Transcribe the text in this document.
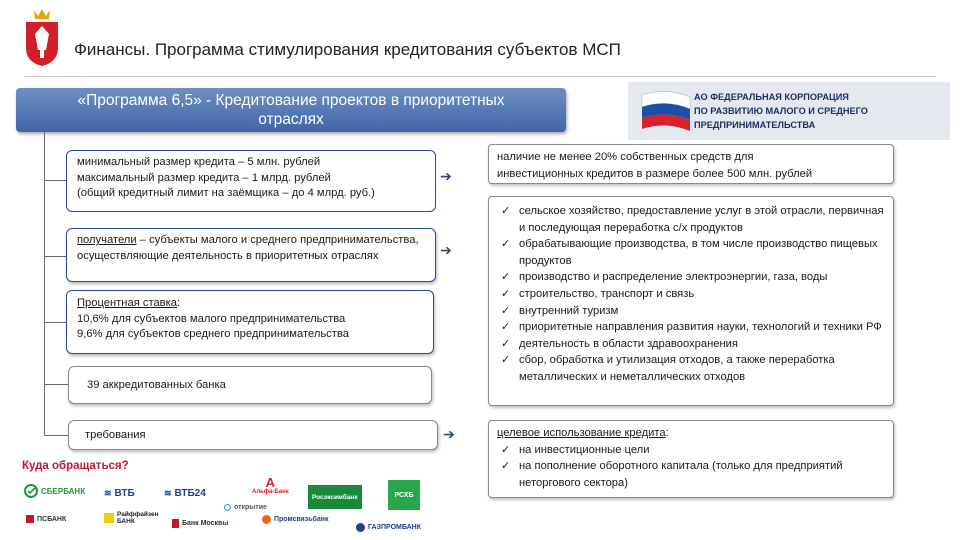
Финансы. Программа стимулирования кредитования субъектов МСП
«Программа 6,5» - Кредитование проектов в приоритетных
отраслях
АО ФЕДЕРАЛЬНАЯ КОРПОРАЦИЯ
ПО РАЗВИТИЮ МАЛОГО И СРЕДНЕГО
ПРЕДПРИНИМАТЕЛЬСТВА
минимальный размер кредита – 5 млн. рублей
максимальный размер кредита – 1 млрд. рублей
(общий кредитный лимит на заёмщика – до 4 млрд. руб.)
получатели – субъекты малого и среднего предпринимательства, осуществляющие деятельность в приоритетных отраслях
Процентная ставка:
10,6% для субъектов малого предпринимательства
9,6% для субъектов среднего предпринимательства
39 аккредитованных банка
требования
➔
➔
➔
наличие не менее 20% собственных средств для
инвестиционных кредитов в размере более 500 млн. рублей
✓ сельское хозяйство, предоставление услуг в этой отрасли, первичная и последующая переработка с/х продуктов
✓ обрабатывающие производства, в том числе производство пищевых продуктов
✓ производство и распределение электроэнергии, газа, воды
✓ строительство, транспорт и связь
✓ внутренний туризм
✓ приоритетные направления развития науки, технологий и техники РФ
✓ деятельность в области здравоохранения
✓ сбор, обработка и утилизация отходов, а также переработка металлических и неметаллических отходов
целевое использование кредита:
✓ на инвестиционные цели
✓ на пополнение оборотного капитала (только для предприятий неторгового сектора)
Куда обращаться?
СБЕРБАНК ≋ ВТБ	≋ ВТБ24
A
Альфа-Банк
Росэксимбанк	РСХБ
ПСБАНК
Райффайзен БАНК	Банк Москвы
открытие
Промсвязьбанк
ГАЗПРОМБАНК
